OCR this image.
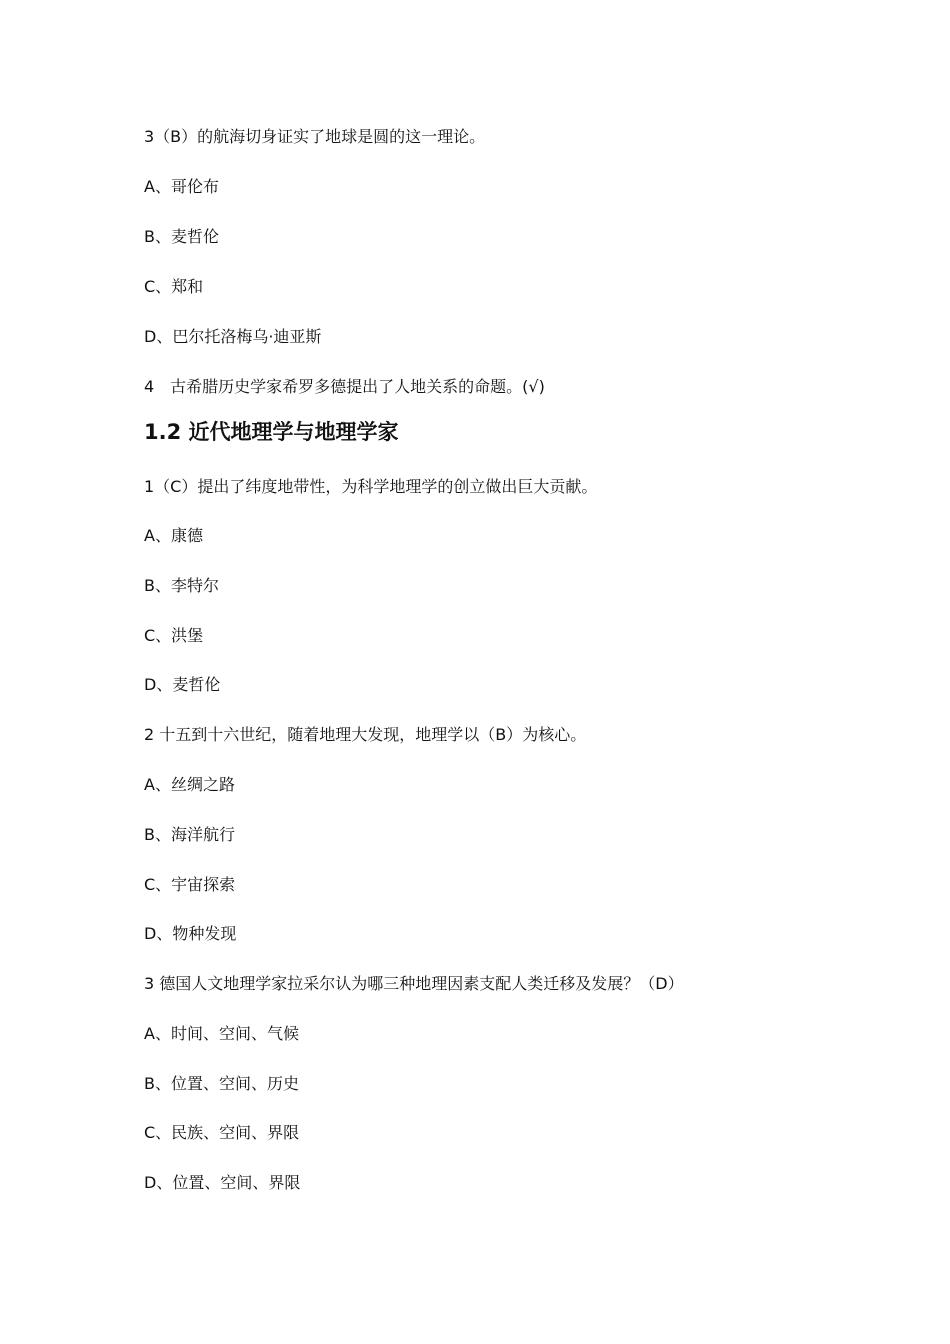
3（B）的航海切身证实了地球是圆的这一理论。
A、哥伦布
B、麦哲伦
C、郑和
D、巴尔托洛梅乌·迪亚斯
4　古希腊历史学家希罗多德提出了人地关系的命题。(√)
1.2 近代地理学与地理学家
1（C）提出了纬度地带性，为科学地理学的创立做出巨大贡献。
A、康德
B、李特尔
C、洪堡
D、麦哲伦
2 十五到十六世纪，随着地理大发现，地理学以（B）为核心。
A、丝绸之路
B、海洋航行
C、宇宙探索
D、物种发现
3 德国人文地理学家拉采尔认为哪三种地理因素支配人类迁移及发展？（D）
A、时间、空间、气候
B、位置、空间、历史
C、民族、空间、界限
D、位置、空间、界限
